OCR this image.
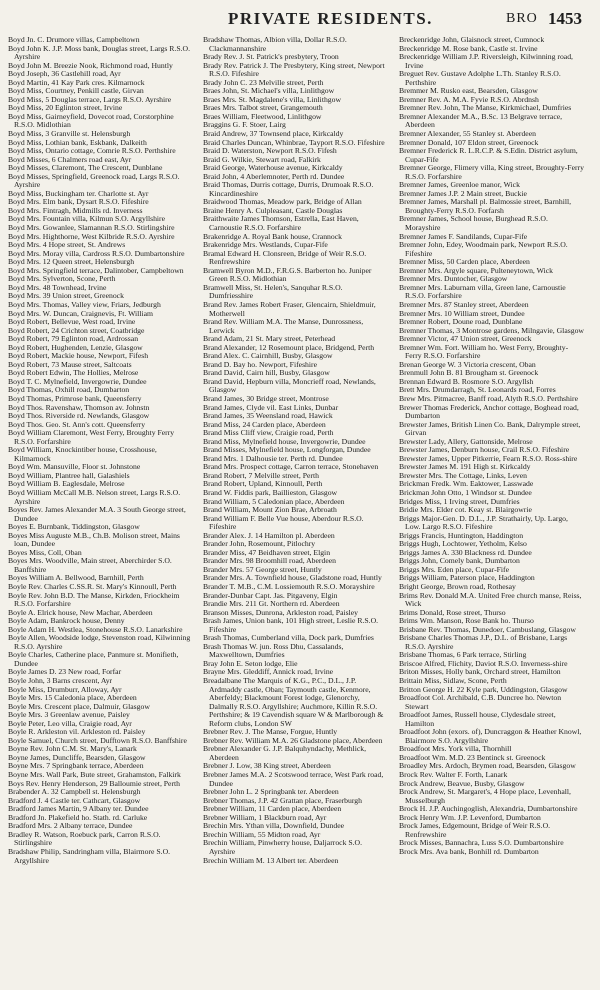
PRIVATE RESIDENTS.	BRO 1453
Boyd Jn. C. Drumore villas, Campbeltown
Boyd John K. J.P. Moss bank, Douglas street, Largs R.S.O. Ayrshire
Boyd John M. Breezie Nook, Richmond road, Huntly
Boyd Joseph, 36 Castlehill road, Ayr
Boyd Martin, 41 Kay Park cres. Kilmarnock
Boyd Miss, Courtney, Penkill castle, Girvan
Boyd Miss, 5 Douglas terrace, Largs R.S.O. Ayrshire
Boyd Miss, 20 Eglinton street, Irvine
Boyd Miss, Gairneyfield, Dovecot road, Corstorphine R.S.O. Midlothian
Boyd Miss, 3 Granville st. Helensburgh
Boyd Miss, Lothian bank, Eskbank, Dalkeith
Boyd Miss, Ontario cottage, Comrie R.S.O. Perthshire
Boyd Misses, 6 Chalmers road east, Ayr
Boyd Misses, Claremont, The Crescent, Dunblane
Boyd Misses, Springfield, Greenock road, Largs R.S.O. Ayrshire
Boyd Miss, Buckingham ter. Charlotte st. Ayr
Boyd Mrs. Elm bank, Dysart R.S.O. Fifeshire
Boyd Mrs. Fintragh, Midmills rd. Inverness
Boyd Mrs. Fountain villa, Kilmun S.O. Argyllshire
Boyd Mrs. Gowanlee, Slamannan R.S.O. Stirlingshire
Boyd Mrs. Highthorne, West Kilbride R.S.O. Ayrshire
Boyd Mrs. 4 Hope street, St. Andrews
Boyd Mrs. Moray villa, Cardross R.S.O. Dumbartonshire
Boyd Mrs. 12 Queen street, Helensburgh
Boyd Mrs. Springfield terrace, Dalintober, Campbeltown
Boyd Mrs. Sylverton, Scone, Perth
Boyd Mrs. 48 Townhead, Irvine
Boyd Mrs. 39 Union street, Greenock
Boyd Mrs. Thomas, Valley view, Friars, Jedburgh
Boyd Mrs. W. Duncan, Craignevis, Ft. William
Boyd Robert, Bellevue, West road, Irvine
Boyd Robert, 24 Crichton street, Coatbridge
Boyd Robert, 79 Eglinton road, Ardrossan
Boyd Robert, Hughenden, Lenzie, Glasgow
Boyd Robert, Mackie house, Newport, Fifesh
Boyd Robert, 73 Mause street, Saltcoats
Boyd Robert Edwin, The Hollies, Melrose
Boyd T. C. Mylnefield, Invergowrie, Dundee
Boyd Thomas, Oxhill road, Dumbarton
Boyd Thomas, Primrose bank, Queensferry
Boyd Thos. Ravenshaw, Thomson av. Johnstn
Boyd Thos. Riverside rd. Newlands, Glasgow
Boyd Thos. Geo. St. Ann's cott. Queensferry
Boyd William Claremont, West Ferry, Broughty Ferry R.S.O. Forfarshire
Boyd William, Knockintiber house, Crosshouse, Kilmarnock
Boyd Wm. Mansuville, Floor st. Johnstone
Boyd William, Plantree hall, Galashiels
Boyd William B. Eaglesdale, Melrose
Boyd William McCall M.B. Nelson street, Largs R.S.O. Ayrshire
Boyes Rev. James Alexander M.A. 3 South George street, Dundee
Boyes E. Burnbank, Tiddingston, Glasgow
Boyes Miss Auguste M.B., Ch.B. Molison street, Mains loan, Dundee
Boyes Miss, Coll, Oban
Boyes Mrs. Woodville, Main street, Aberchirder S.O. Banffshire
Boyes William A. Bellwood, Barnhill, Perth
Boyle Rev. Charles C.SS.R. St. Mary's Kinnoull, Perth
Boyle Rev. John B.D. The Manse, Kirkden, Friockheim R.S.O. Forfarshire
Boyle A. Elrick house, New Machar, Aberdeen
Boyle Adam, Bankrock house, Denny
Boyle Adam H. Westlea, Stonehouse R.S.O. Lanarkshire
Boyle Allen, Woodside lodge, Stevenston road, Kilwinning R.S.O. Ayrshire
Boyle Charles, Catherine place, Panmure st. Monifieth, Dundee
Boyle James D. 23 New road, Forfar
Boyle John, 3 Barns crescent, Ayr
Boyle Miss, Drumburr, Alloway, Ayr
Boyle Mrs. 15 Caledonia place, Aberdeen
Boyle Mrs. Crescent place, Dalmuir, Glasgow
Boyle Mrs. 3 Greenlaw avenue, Paisley
Boyle Peter, Leo villa, Craigie road, Ayr
Boyle R. Arkleston vil. Arkleston rd. Paisley
Boyle Samuel, Church street, Dufftown R.S.O. Banffshire
Boyne Rev. John C.M. St. Mary's, Lanark
Boyne James, Duncliffe, Bearsden, Glasgow
Boyne Mrs. 7 Springbank terrace, Aberdeen
Boyne Mrs. Wall Park, Bute street, Grahamston, Falkirk
Boys Rev. Henry Henderson, 29 Balloumie street, Perth
Brabender A. 32 Campbell st. Helensburgh
Bradford J. 4 Castle ter. Cathcart, Glasgow
Bradford James Martin, 9 Albany ter. Dundee
Bradford Jn. Plakefield ho. Stath. rd. Carluke
Bradford Mrs. 2 Albany terrace, Dundee
Bradley R. Watson, Roebuck park, Carron R.S.O. Stirlingshire
Bradshaw Philip, Sandringham villa, Blairmore S.O. Argyllshire
Bradshaw Thomas, Albion villa, Dollar R.S.O. Clackmannanshire
Brady Rev. J. St. Patrick's presbytery, Troon
Brady Rev. Patrick J. The Presbytery, King street, Newport R.S.O. Fifeshire
Brady John C. 23 Melville street, Perth
Braes John, St. Michael's villa, Linlithgow
Braes Mrs. St. Magdalene's villa, Linlithgow
Braes Mrs. Talbot street, Grangemouth
Braes William, Fleetwood, Linlithgow
Braggins G. F. Stoer, Lairg
Braid Andrew, 37 Townsend place, Kirkcaldy
Braid Charles Duncan, Whinbrae, Tayport R.S.O. Fifeshire
Braid D. Waterston, Newport R.S.O. Fifesh
Braid G. Wilkie, Stewart road, Falkirk
Braid George, Waterhouse avenue, Kirkcaldy
Braid John, 4 Aberlemnoter, Perth rd. Dundee
Braid Thomas, Durris cottage, Durris, Drumoak R.S.O. Kincardineshire
Braidwood Thomas, Meadow park, Bridge of Allan
Braine Henry A. Culpleasant, Castle Douglas
Braithwaite James Thomson, Estrella, East Haven, Carnoustie R.S.O. Forfarshire
Brakenridge A. Royal Bank house, Crannock
Brakenridge Mrs. Westlands, Cupar-Fife
Bramal Edward H. Clonsreen, Bridge of Weir R.S.O. Renfrewshire
Bramwell Byron M.D., F.R.G.S. Barberton ho. Juniper Green R.S.O. Midlothian
Bramwell Miss, St. Helen's, Sanquhar R.S.O. Dumfriesshire
Brand Rev. James Robert Fraser, Glencairn, Shieldmuir, Motherwell
Brand Rev. William M.A. The Manse, Dunrossness, Lerwick
Brand Adam, 21 St. Mary street, Peterhead
Brand Alexander, 12 Rosemount place, Bridgend, Perth
Brand Alex. C. Cairnhill, Busby, Glasgow
Brand D. Bay ho. Newport, Fifeshire
Brand David, Cairn hill, Busby, Glasgow
Brand David, Hepburn villa, Moncrieff road, Newlands, Glasgow
Brand James, 30 Bridge street, Montrose
Brand James, Clyde vil. East Links, Dunbar
Brand James, 35 Weensland road, Hawick
Brand Miss, 24 Carden place, Aberdeen
Brand Miss Cliff view, Craigie road, Perth
Brand Miss, Mylnefield house, Invergowrie, Dundee
Brand Misses, Mylnefield house, Longforgan, Dundee
Brand Mrs. 1 Dalhousie ter. Perth rd. Dundee
Brand Mrs. Prospect cottage, Carron terrace, Stonehaven
Brand Robert, 7 Melville street, Perth
Brand Robert, Upland, Kinnoull, Perth
Brand W. Fiddis park, Baillieston, Glasgow
Brand William, 5 Caledonian place, Aberdeen
Brand William, Mount Zion Brae, Arbroath
Brand William F. Belle Vue house, Aberdour R.S.O. Fifeshire
Brander Alex. J. 14 Hamilton pl. Aberdeen
Brander John, Rosemount, Pitlochry
Brander Miss, 47 Beidhaven street, Elgin
Brander Mrs. 98 Broomhill road, Aberdeen
Brander Mrs. 57 George street, Huntly
Brander Mrs. A. Townfield house, Gladstone road, Huntly
Brander T. M.B., C.M. Lossiemouth R.S.O. Morayshire
Brander-Dunbar Capt. Jas. Pitgaveny, Elgin
Brandie Mrs. 211 Gt. Northern rd. Aberdeen
Branson Misses, Dunrona, Arkleston road, Paisley
Brash James, Union bank, 101 High street, Leslie R.S.O. Fifeshire
Brash Thomas, Cumberland villa, Dock park, Dumfries
Brash Thomas W. jun. Ross Dhu, Cassalands, Maxwelltown, Dumfries
Bray John E. Seton lodge, Elie
Brayne Mrs. Gleddiff, Annick road, Irvine
Breadalbane The Marquis of K.G., P.C., D.L., J.P. Ardmaddy castle, Oban; Taymouth castle, Kenmore, Aberfeldy; Blackmount Forest lodge, Glenorchy, Dalmally R.S.O. Argyllshire; Auchmore, Killin R.S.O. Perthshire; & 19 Cavendish square W & Marlborough & Reform clubs, London SW
Brebner Rev. J. The Manse, Forgue, Huntly
Brebner Rev. William M.A. 26 Gladstone place, Aberdeen
Brebner Alexander G. J.P. Balquhyndachy, Methlick, Aberdeen
Brebner J. Low, 38 King street, Aberdeen
Brebner James M.A. 2 Scotswood terrace, West Park road, Dundee
Brebner John L. 2 Springbank ter. Aberdeen
Brebner Thomas, J.P. 42 Grattan place, Fraserburgh
Brebner William, 11 Carden place, Aberdeen
Brebner William, 1 Blackburn road, Ayr
Brechin Mrs. Ythan villa, Downfield, Dundee
Brechin William, 55 Midton road, Ayr
Brechin William, Pinwherry house, Daljarrock S.O. Ayrshire
Brechin William M. 13 Albert ter. Aberdeen
Breckenridge John, Glaisnock street, Cumnock
Breckenridge M. Rose bank, Castle st. Irvine
Breckenridge William J.P. Riversleigh, Kilwinning road, Irvine
Breguet Rev. Gustave Adolphe L.Th. Stanley R.S.O. Perthshire
Bremmer M. Rusko east, Bearsden, Glasgow
Bremner Rev. A. M.A. Fyvie R.S.O. Abrdnsh
Bremner Rev. John, The Manse, Kirkmichael, Dumfries
Bremner Alexander M.A., B.Sc. 13 Belgrave terrace, Aberdeen
Bremner Alexander, 55 Stanley st. Aberdeen
Bremner Donald, 107 Eldon street, Greenock
Bremner Frederick R. L.R.C.P. & S.Edin. District asylum, Cupar-Fife
Bremner George, Flimery villa, King street, Broughty-Ferry R.S.O. Forfarshire
Bremner James, Greenloe manor, Wick
Bremner James J.P. 2 Main street, Buckie
Bremner James, Marshall pl. Balmossie street, Barnhill, Broughty-Ferry R.S.O. Forfarsh
Bremner James, School house, Burghead R.S.O. Morayshire
Bremner James F. Sandilands, Cupar-Fife
Bremner John, Edey, Woodmain park, Newport R.S.O. Fifeshire
Bremner Miss, 50 Carden place, Aberdeen
Bremner Mrs. Argyle square, Pulteneytown, Wick
Bremner Mrs. Duntocher, Glasgow
Bremner Mrs. Laburnam villa, Green lane, Carnoustie R.S.O. Forfarshire
Bremner Mrs. 87 Stanley street, Aberdeen
Bremner Mrs. 10 William street, Dundee
Bremner Robert, Doune road, Dunblane
Bremner Thomas, 3 Montrose gardens, Milngavie, Glasgow
Bremner Victor, 47 Union street, Greenock
Bremner Wm. Fort. William ho. West Ferry, Broughty-Ferry R.S.O. Forfarshire
Brenan George W. 3 Victoria crescent, Oban
Brenmull John B. 81 Brougham st. Greenock
Brennan Edward B. Rosmore S.O. Argyllsh
Brett Mrs. Drumdarragh, St. Leonards road, Forres
Brew Mrs. Pitmacree, Banff road, Alyth R.S.O. Perthshire
Brewer Thomas Frederick, Anchor cottage, Boghead road, Dumbarton
Brewster James, British Linen Co. Bank, Dalrymple street, Girvan
Brewster Lady, Allery, Gattonside, Melrose
Brewster James, Denburn house, Crail R.S.O. Fifeshire
Brewster James, Upper Pitkerrie, Fearn R.S.O. Ross-shire
Brewster James M. 191 High st. Kirkcaldy
Brewster Mrs. The Cottage, Links, Leven
Brickman Fredk. Wm. Eaktower, Lasswade
Brickman John Otto, 1 Windsor st. Dundee
Bridges Miss, 1 Irving street, Dumfries
Bridie Mrs. Elder cot. Keay st. Blairgowrie
Briggs Major-Gen. D. D.L., J.P. Strathairly, Up. Largo, Low. Largo R.S.O. Fifeshire
Briggs Francis, Huntington, Haddington
Briggs Hugh, Lochtower, Yetholm, Kelso
Briggs James A. 330 Blackness rd. Dundee
Briggs John, Comely bank, Dumbarton
Briggs Mrs. Eden place, Cupar-Fife
Briggs William, Paterson place, Haddington
Bright George, Brown road, Rothesay
Brims Rev. Donald M.A. United Free church manse, Reiss, Wick
Brims Donald, Rose street, Thurso
Brims Wm. Manson, Rose Bank ho. Thurso
Brisbane Rev. Thomas, Dunedoer, Cambuslang, Glasgow
Brisbane Charles Thomas J.P., D.L. of Brisbane, Largs R.S.O. Ayrshire
Brisbane Thomas, 6 Park terrace, Stirling
Briscoe Alfred, Flichity, Daviot R.S.O. Inverness-shire
Briton Misses, Holly bank, Orchard street, Hamilton
Brittain Miss, Sidlaw, Scone, Perth
Britton George H. 22 Kyle park, Uddingston, Glasgow
Broadfoot Col. Archibald, C.B. Duncree ho. Newton Stewart
Broadfoot James, Russell house, Clydesdale street, Hamilton
Broadfoot John (exors. of), Duncraggon & Heather Knowl, Blairmore S.O. Argyllshire
Broadfoot Mrs. York villa, Thornhill
Broadfoot Wm. M.D. 23 Bentinck st. Greenock
Broadley Mrs. Ardoch, Brymen road, Bearsden, Glasgow
Brock Rev. Walter F. Forth, Lanark
Brock Andrew, Beavue, Busby, Glasgow
Brock Andrew, St. Margaret's, 4 Hope place, Levenhall, Musselburgh
Brock H. J.P. Auchingoglish, Alexandria, Dumbartonshire
Brock Henry Wm. J.P. Levenford, Dumbarton
Brock James, Edgemount, Bridge of Weir R.S.O. Renfrewshire
Brock Misses, Bannachra, Luss S.O. Dumbartonshire
Brock Mrs. Ava bank, Bonhill rd. Dumbarton
